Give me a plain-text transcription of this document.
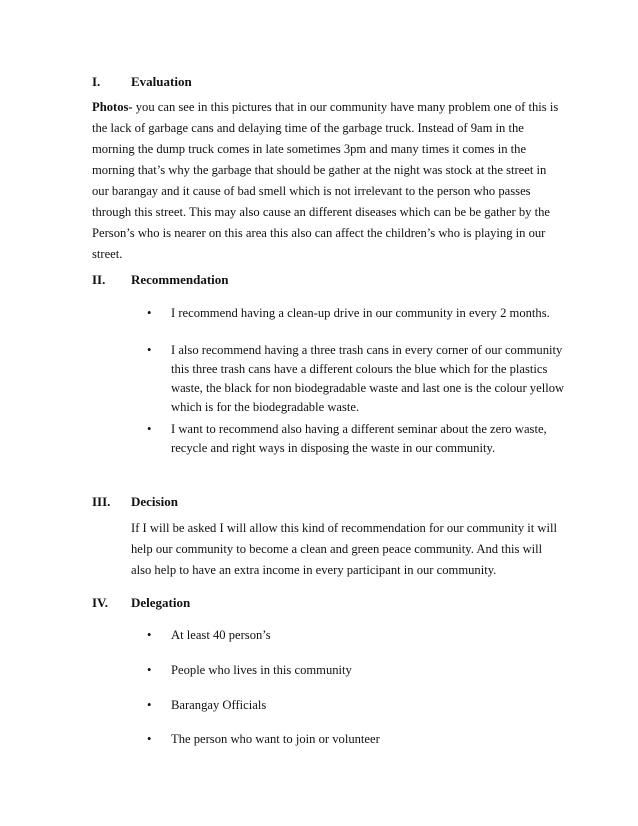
I. Evaluation
Photos- you can see in this pictures that in our community have many problem one of this is
the lack of garbage cans and delaying time of the garbage truck. Instead of 9am in the
morning the dump truck comes in late sometimes 3pm and many times it comes in the
morning that’s why the garbage that should be gather at the night was stock at the street in
our barangay and it cause of bad smell which is not irrelevant to the person who passes
through this street. This may also cause an different diseases which can be be gather by the
Person’s who is nearer on this area this also can affect the children’s who is playing in our
street.
II. Recommendation
•	I recommend having a clean-up drive in our community in every 2 months.
•	I also recommend having a three trash cans in every corner of our community
this three trash cans have a different colours the blue which for the plastics
waste, the black for non biodegradable waste and last one is the colour yellow
which is for the biodegradable waste.
•	I want to recommend also having a different seminar about the zero waste,
recycle and right ways in disposing the waste in our community.
III. Decision
If I will be asked I will allow this kind of recommendation for our community it will
help our community to become a clean and green peace community. And this will
also help to have an extra income in every participant in our community.
IV. Delegation
•	At least 40 person’s
•	People who lives in this community
•	Barangay Officials
•	The person who want to join or volunteer
